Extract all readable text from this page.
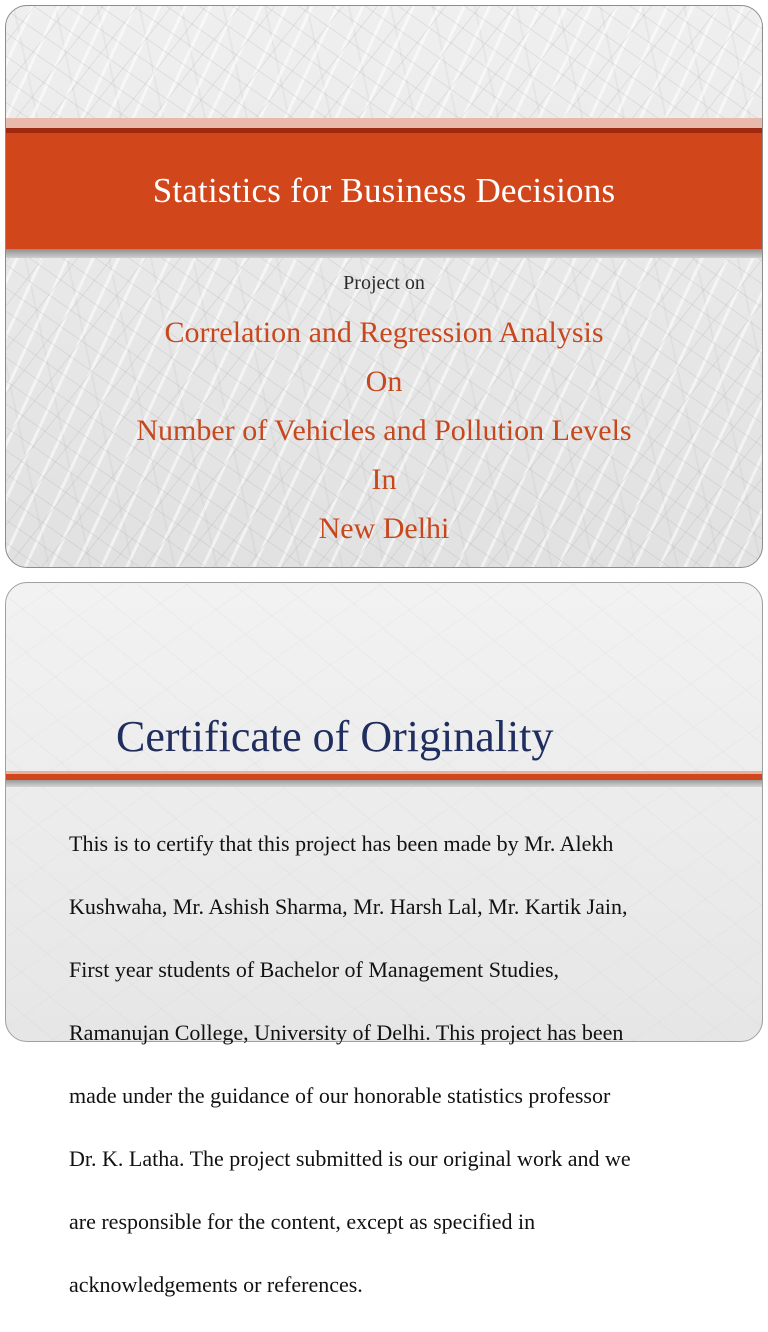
Statistics for Business Decisions
Project on
Correlation and Regression Analysis
On
Number of Vehicles and Pollution Levels
In
New Delhi
Certificate of Originality

This is to certify that this project has been made by Mr. Alekh

Kushwaha, Mr. Ashish Sharma, Mr. Harsh Lal, Mr. Kartik Jain,

First year students of Bachelor of Management Studies,

Ramanujan College, University of Delhi. This project has been

made under the guidance of our honorable statistics professor

Dr. K. Latha. The project submitted is our original work and we

are responsible for the content, except as specified in

acknowledgements or references.
